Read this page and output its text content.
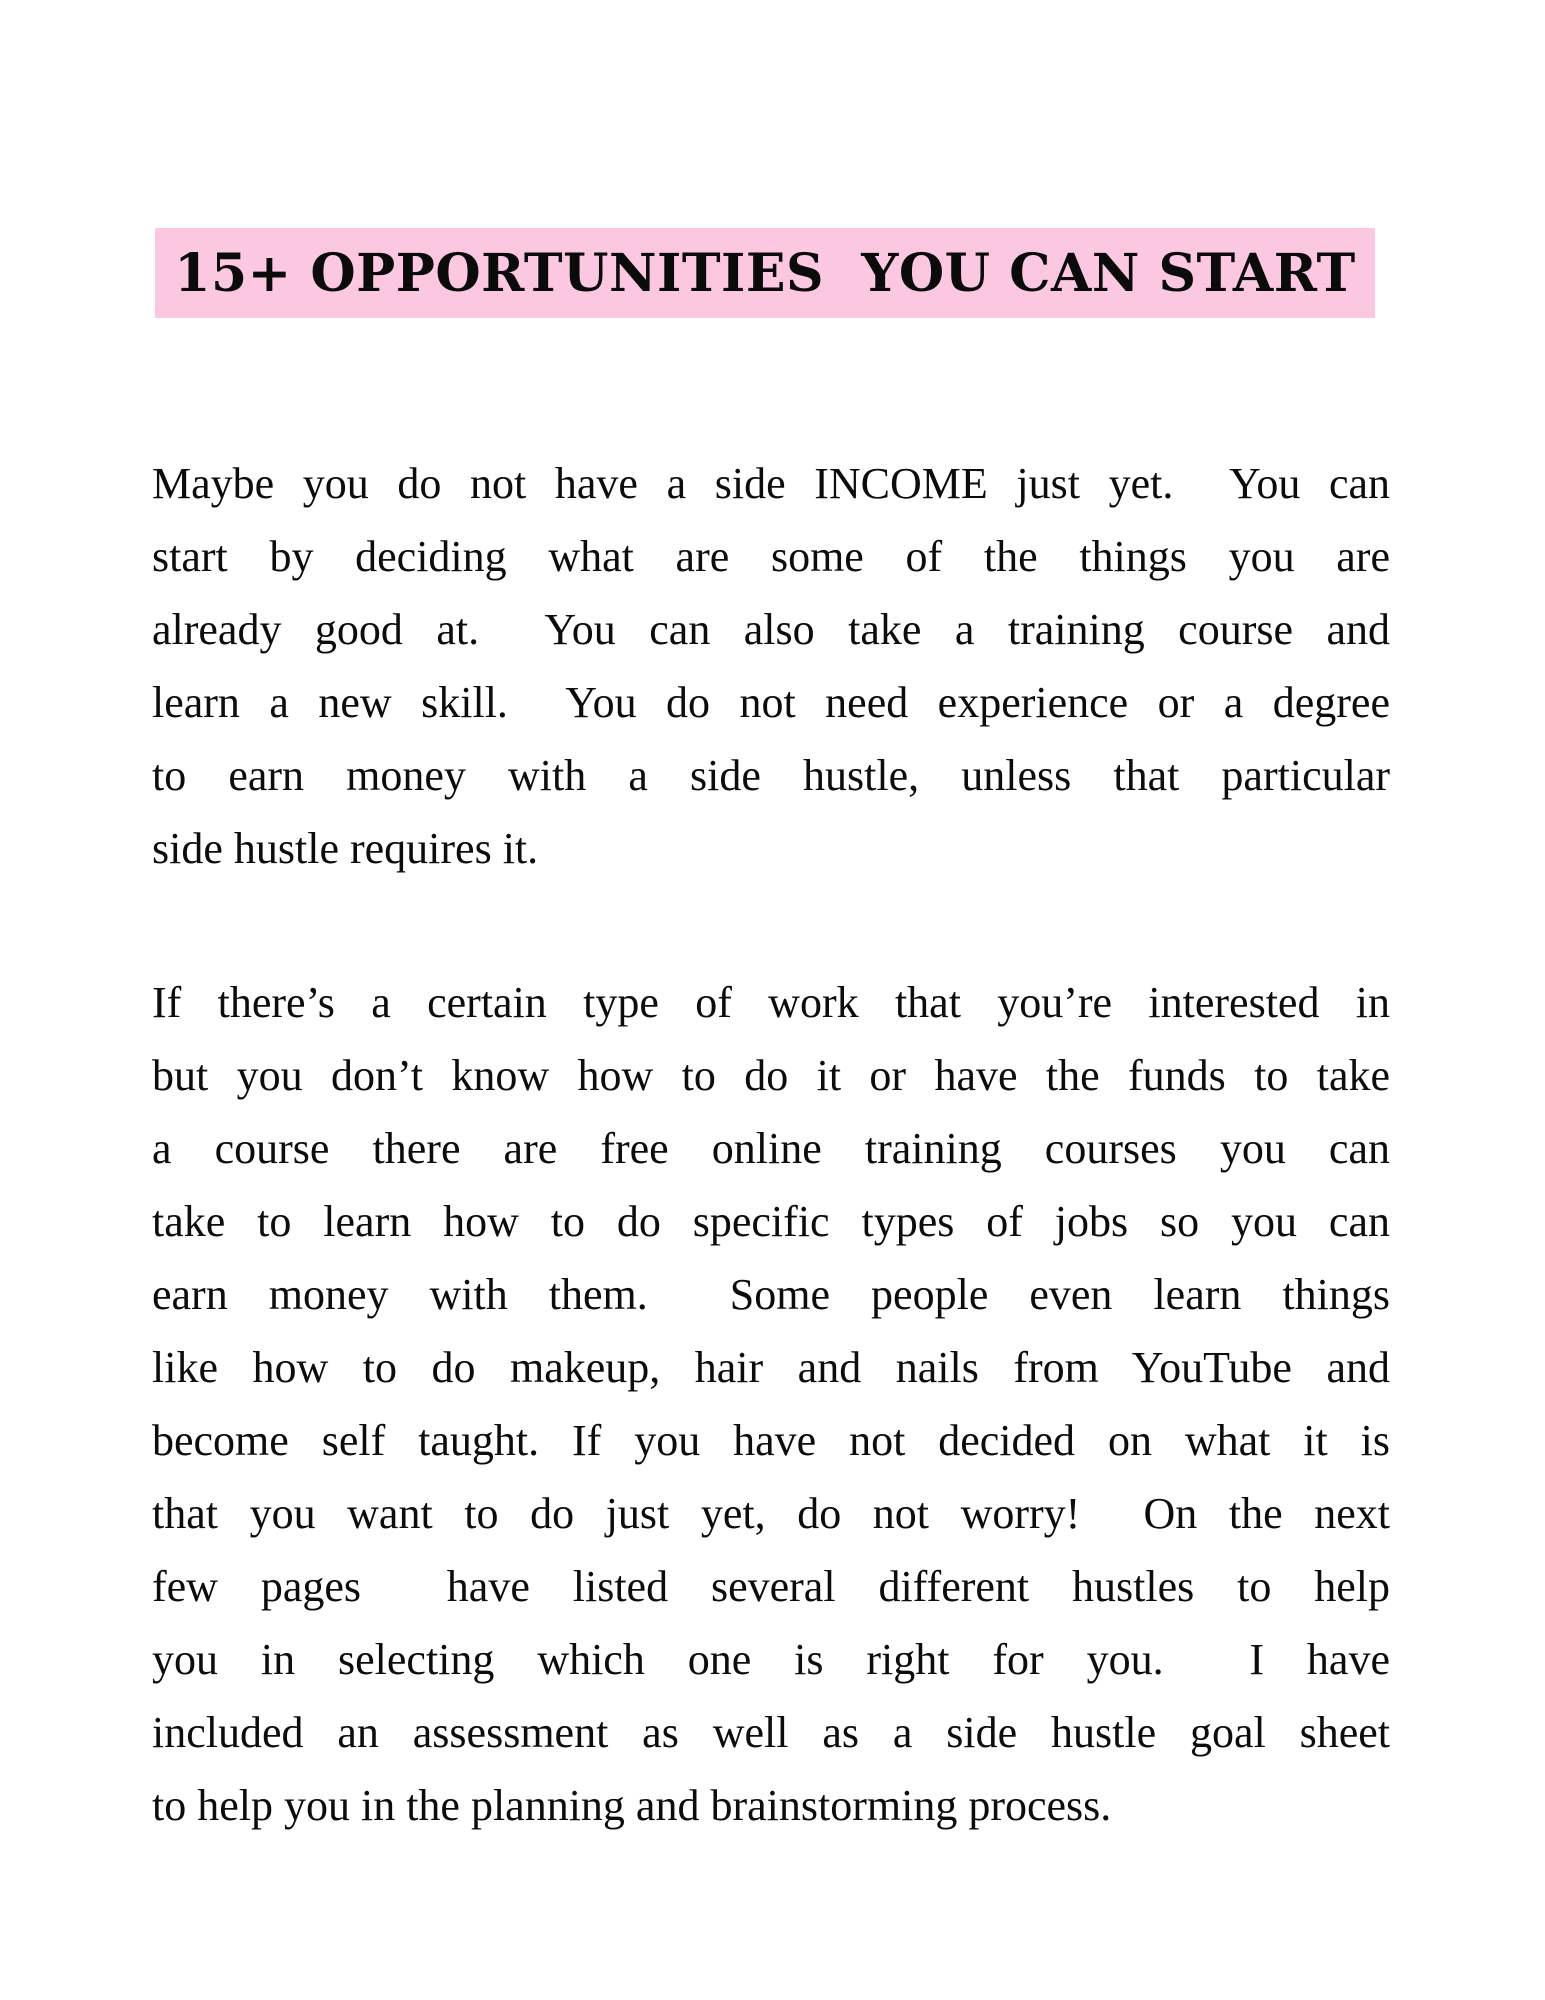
15+ OPPORTUNITIES  YOU CAN START
Maybe you do not have a side INCOME just yet.  You can
start by deciding what are some of the things you are
already good at.  You can also take a training course and
learn a new skill.  You do not need experience or a degree
to earn money with a side hustle, unless that particular
side hustle requires it.
If there’s a certain type of work that you’re interested in
but you don’t know how to do it or have the funds to take
a course there are free online training courses you can
take to learn how to do specific types of jobs so you can
earn money with them.  Some people even learn things
like how to do makeup, hair and nails from YouTube and
become self taught. If you have not decided on what it is
that you want to do just yet, do not worry!  On the next
few pages  have listed several different hustles to help
you in selecting which one is right for you.  I have
included an assessment as well as a side hustle goal sheet
to help you in the planning and brainstorming process.
